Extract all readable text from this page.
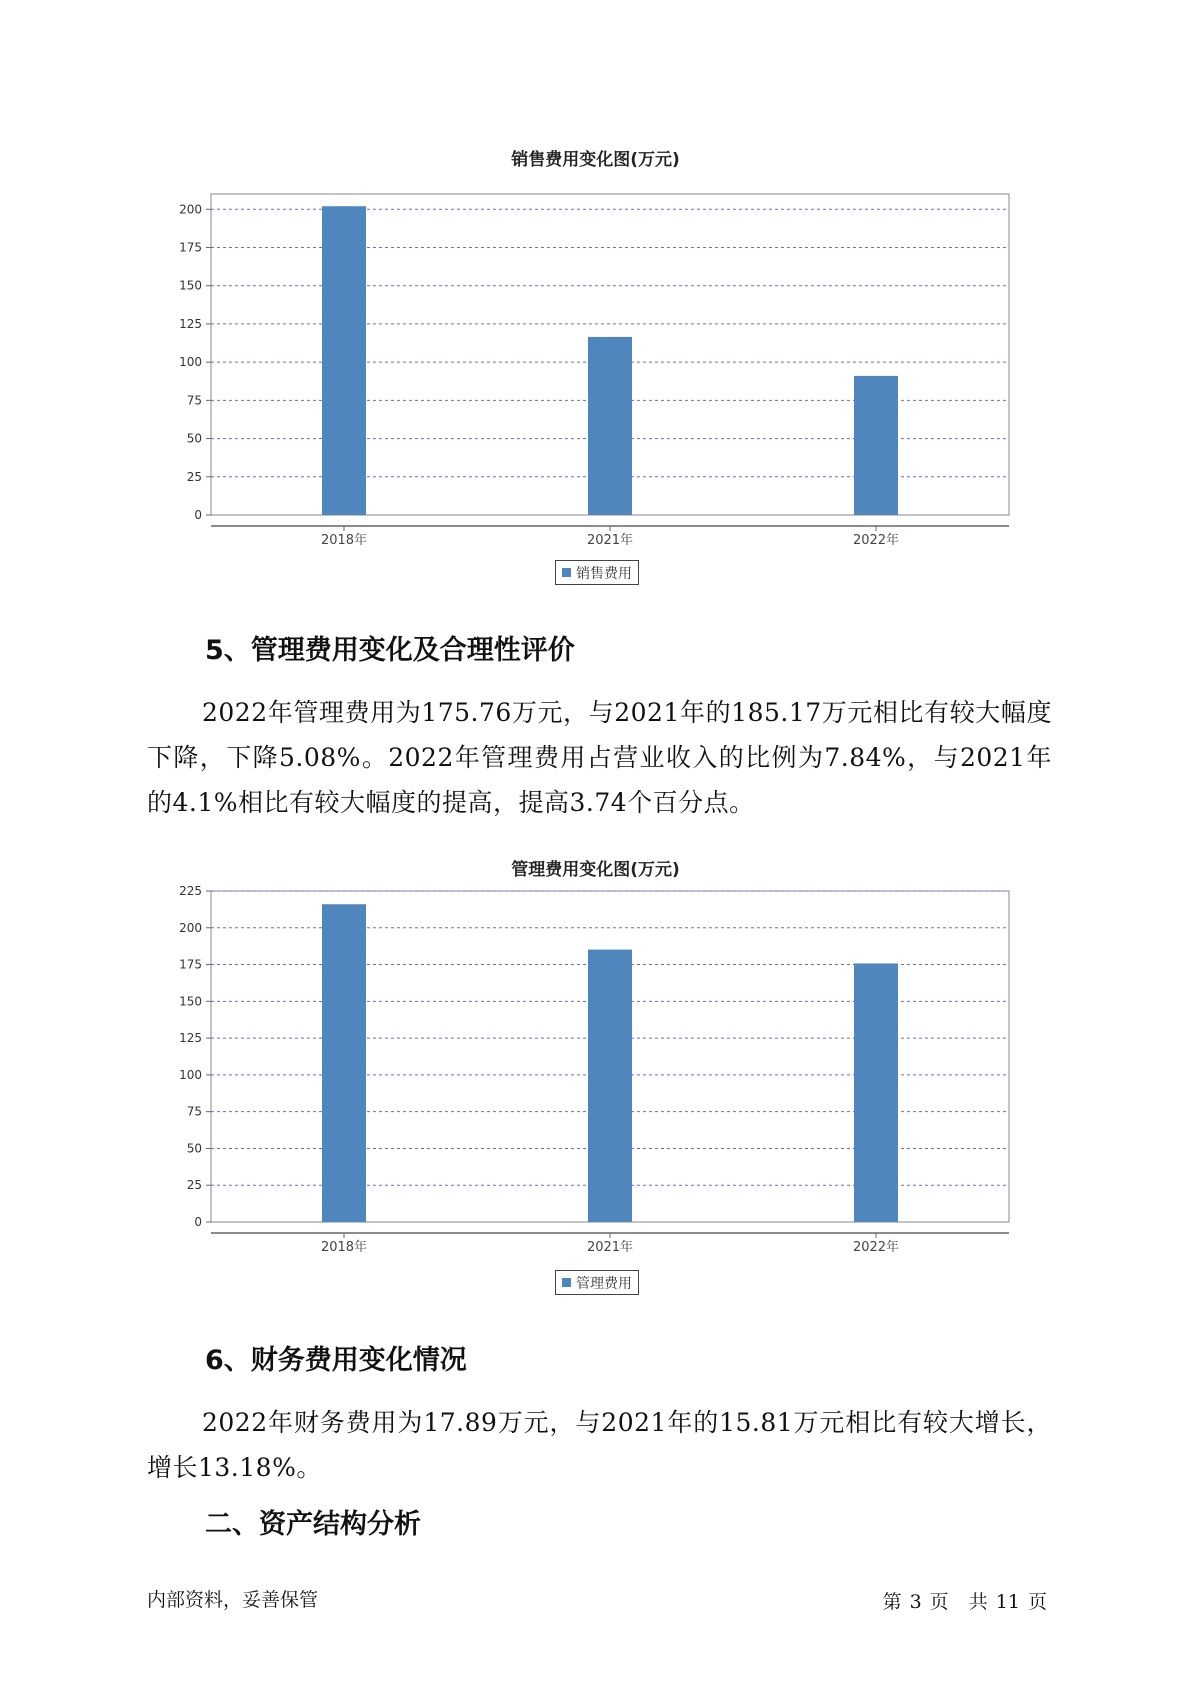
销售费用变化图(万元)
0
25
50
75
100
125
150
175
200
2018年	2021年	2022年
销售费用
5、管理费用变化及合理性评价

2022年管理费用为175.76万元，与2021年的185.17万元相比有较大幅度下降，下降5.08%。2022年管理费用占营业收入的比例为7.84%，与2021年的4.1%相比有较大幅度的提高，提高3.74个百分点。

管理费用变化图(万元)
0
25
50
75
100
125
150
175
200
225
2018年	2021年	2022年
管理费用
6、财务费用变化情况

2022年财务费用为17.89万元，与2021年的15.81万元相比有较大增长，增长13.18%。

二、资产结构分析
内部资料，妥善保管	第 3 页 共 11 页
